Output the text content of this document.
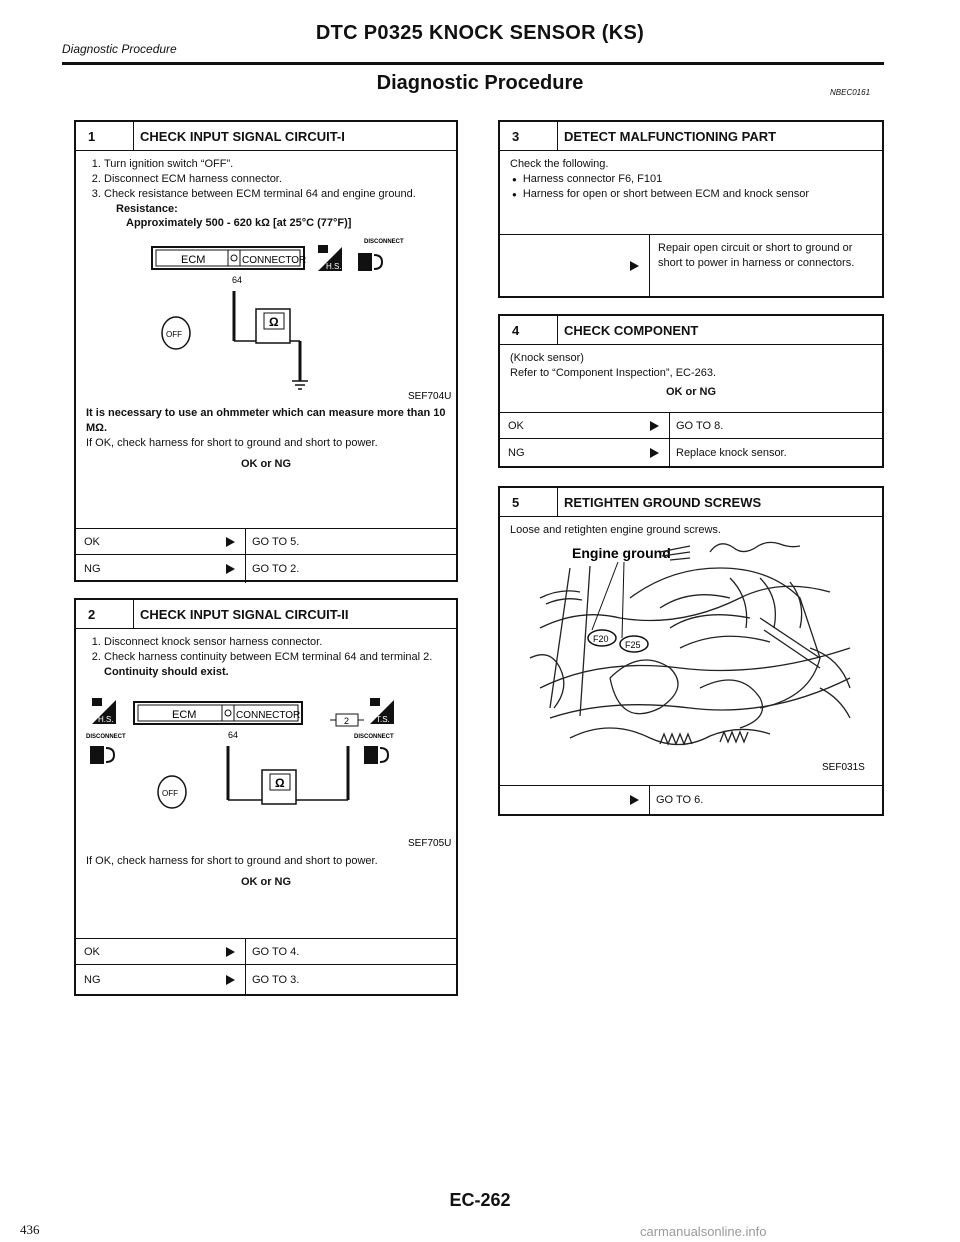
Diagnostic Procedure
DTC P0325 KNOCK SENSOR (KS)
Diagnostic Procedure	NBEC0161
1	CHECK INPUT SIGNAL CIRCUIT-I
1. Turn ignition switch “OFF”.
2. Disconnect ECM harness connector.
3. Check resistance between ECM terminal 64 and engine ground.
Resistance:
Approximately 500 - 620 kΩ [at 25°C (77°F)]
ECM	CONNECTOR
64
H.S.
DISCONNECT
Ω
OFF
SEF704U
It is necessary to use an ohmmeter which can measure more than 10 MΩ.
If OK, check harness for short to ground and short to power.
OK or NG
OK	GO TO 5.
NG	GO TO 2.
2	CHECK INPUT SIGNAL CIRCUIT-II
1. Disconnect knock sensor harness connector.
2. Check harness continuity between ECM terminal 64 and terminal 2.
Continuity should exist.
H.S.	ECM	CONNECTOR
DISCONNECT	64
2	T.S.
DISCONNECT
Ω
OFF
SEF705U
If OK, check harness for short to ground and short to power.
OK or NG
OK	GO TO 4.
NG	GO TO 3.
3	DETECT MALFUNCTIONING PART
Check the following.
● Harness connector F6, F101
● Harness for open or short between ECM and knock sensor
Repair open circuit or short to ground or short to power in harness or connectors.
4	CHECK COMPONENT
(Knock sensor)
Refer to “Component Inspection”, EC-263.
OK or NG
OK	GO TO 8.
NG	Replace knock sensor.
5	RETIGHTEN GROUND SCREWS
Loose and retighten engine ground screws.
Engine ground
F20
F25
SEF031S
GO TO 6.
EC-262
436	carmanualsonline.info
